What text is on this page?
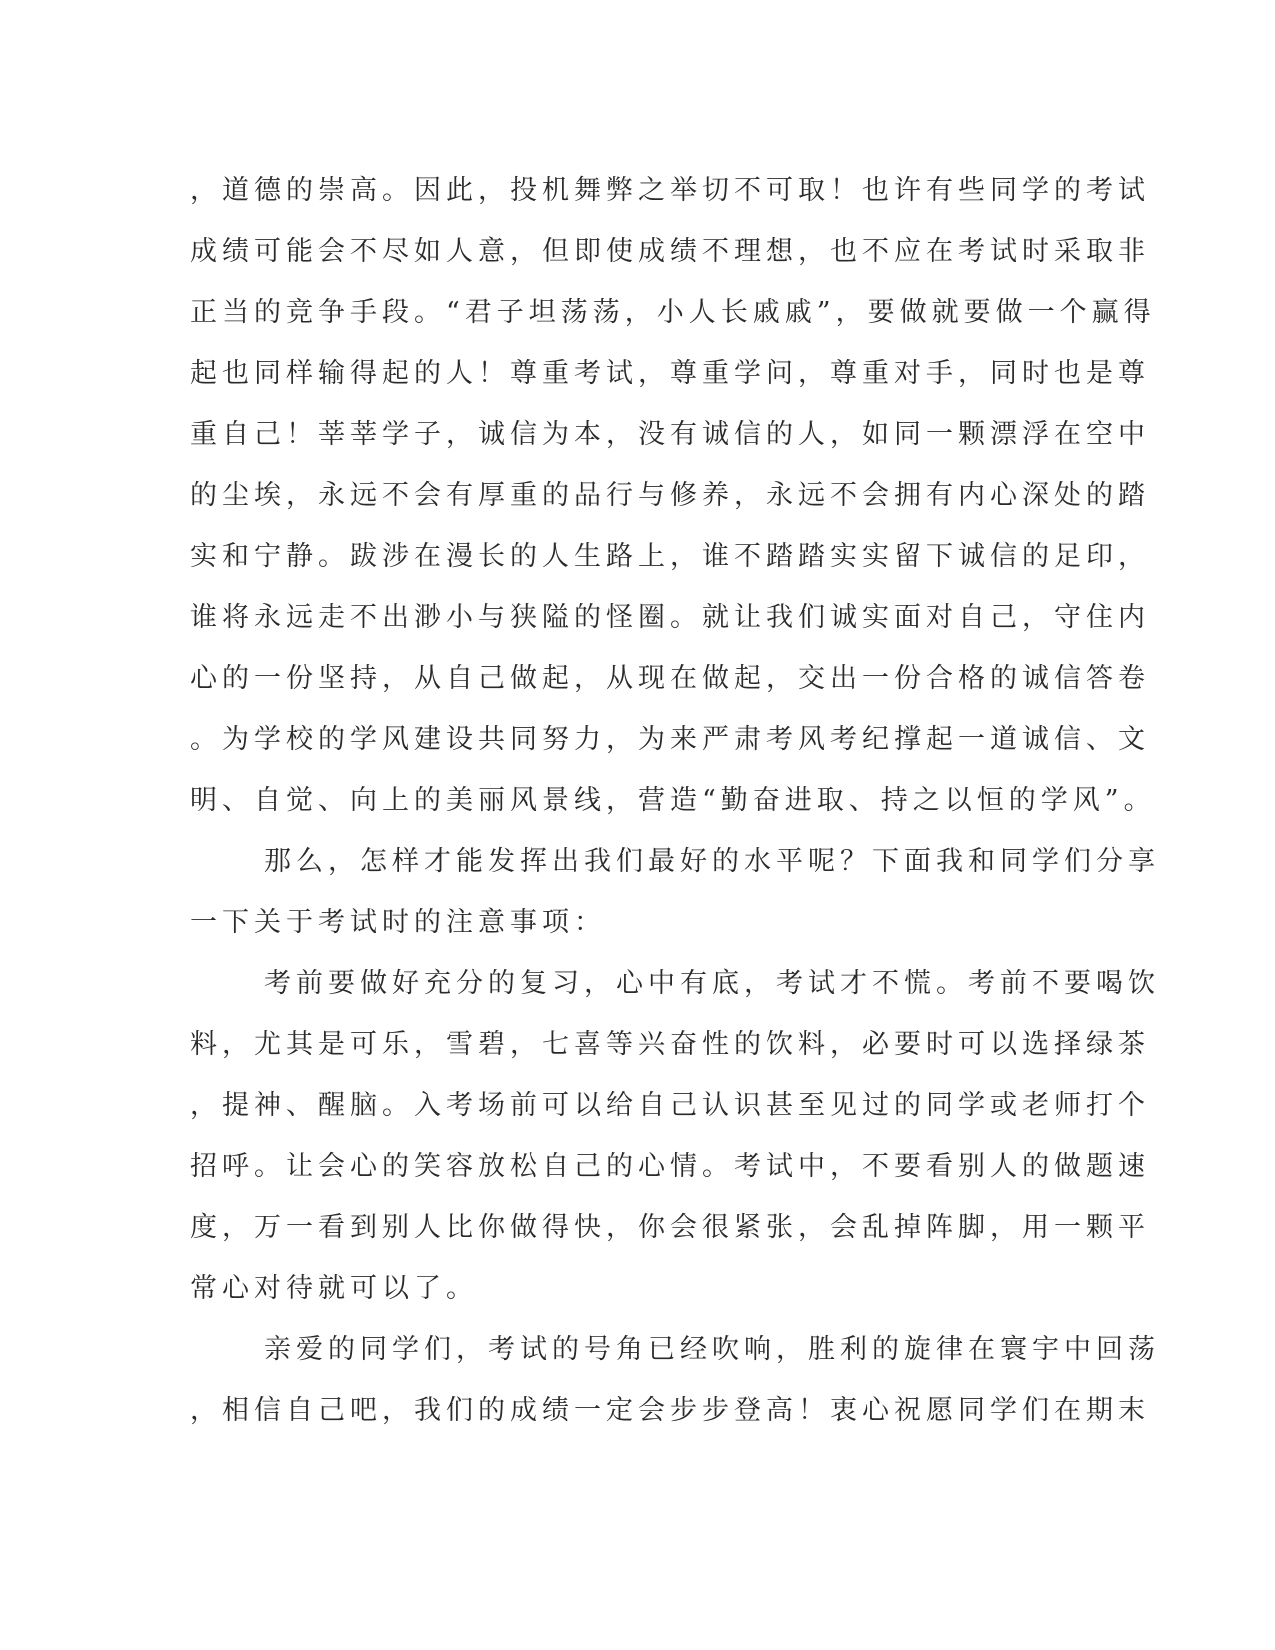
，道德的崇高。因此，投机舞弊之举切不可取！也许有些同学的考试
成绩可能会不尽如人意，但即使成绩不理想，也不应在考试时采取非
正当的竞争手段。“君子坦荡荡，小人长戚戚”，要做就要做一个赢得
起也同样输得起的人！尊重考试，尊重学问，尊重对手，同时也是尊
重自己！莘莘学子，诚信为本，没有诚信的人，如同一颗漂浮在空中
的尘埃，永远不会有厚重的品行与修养，永远不会拥有内心深处的踏
实和宁静。跋涉在漫长的人生路上，谁不踏踏实实留下诚信的足印，
谁将永远走不出渺小与狭隘的怪圈。就让我们诚实面对自己，守住内
心的一份坚持，从自己做起，从现在做起，交出一份合格的诚信答卷
。为学校的学风建设共同努力，为来严肃考风考纪撑起一道诚信、文
明、自觉、向上的美丽风景线，营造“勤奋进取、持之以恒的学风”。
那么，怎样才能发挥出我们最好的水平呢？下面我和同学们分享
一下关于考试时的注意事项：
考前要做好充分的复习，心中有底，考试才不慌。考前不要喝饮
料，尤其是可乐，雪碧，七喜等兴奋性的饮料，必要时可以选择绿茶
，提神、醒脑。入考场前可以给自己认识甚至见过的同学或老师打个
招呼。让会心的笑容放松自己的心情。考试中，不要看别人的做题速
度，万一看到别人比你做得快，你会很紧张，会乱掉阵脚，用一颗平
常心对待就可以了。
亲爱的同学们，考试的号角已经吹响，胜利的旋律在寰宇中回荡
，相信自己吧，我们的成绩一定会步步登高！衷心祝愿同学们在期末
